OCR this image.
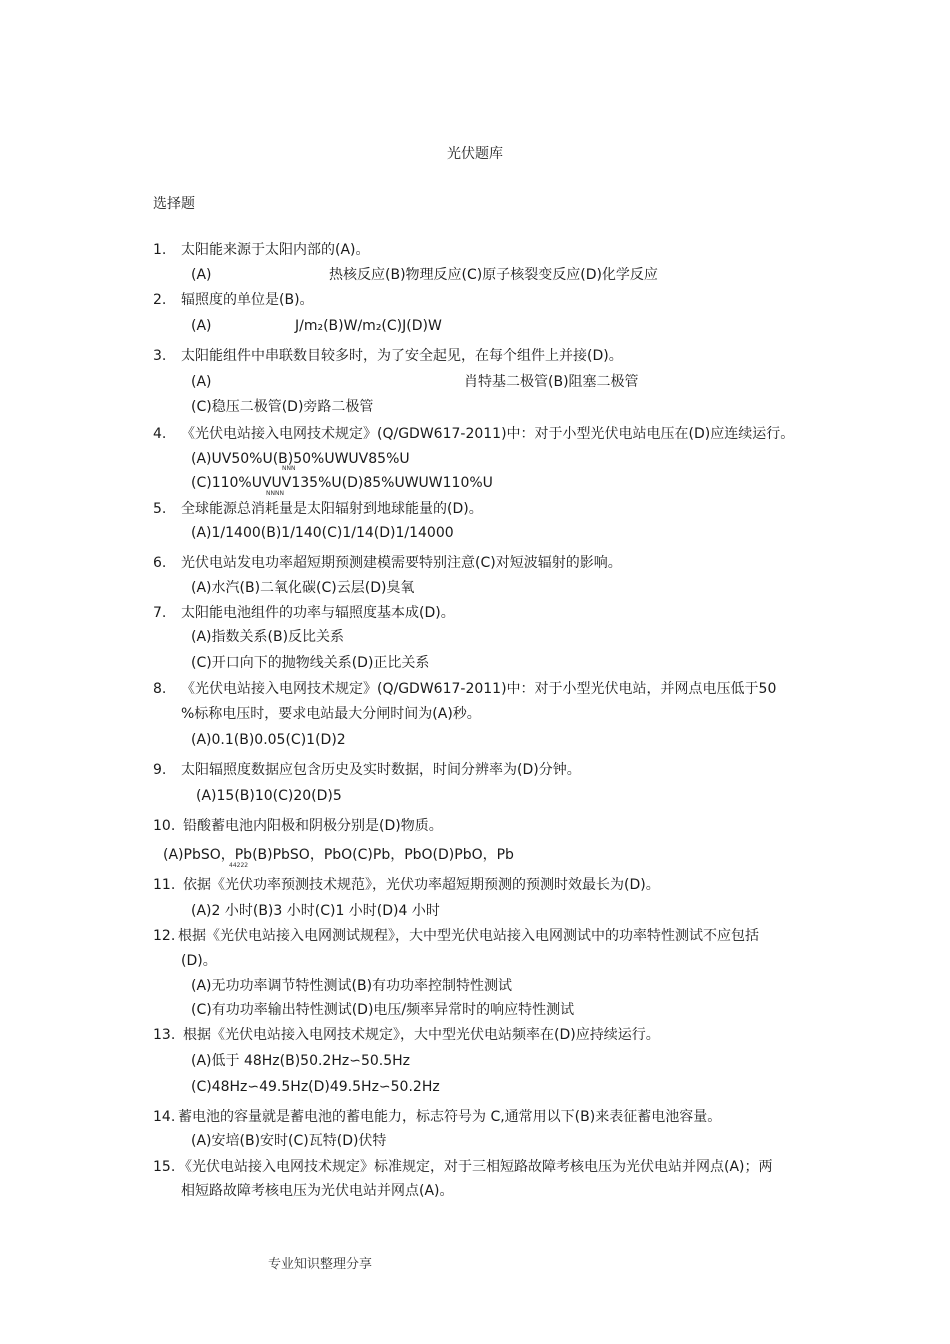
光伏题库
选择题
1. 太阳能来源于太阳内部的(A)。
(A)	热核反应(B)物理反应(C)原子核裂变反应(D)化学反应
2. 辐照度的单位是(B)。
(A)	J/m₂(B)W/m₂(C)J(D)W
3. 太阳能组件中串联数目较多时，为了安全起见，在每个组件上并接(D)。
(A)	肖特基二极管(B)阻塞二极管
(C)稳压二极管(D)旁路二极管
4. 《光伏电站接入电网技术规定》(Q/GDW617-2011)中：对于小型光伏电站电压在(D)应连续运行。
(A)UV50%U(B)50%UWUV85%U
NNN
(C)110%UVUV135%U(D)85%UWUW110%U
NNNN
5. 全球能源总消耗量是太阳辐射到地球能量的(D)。
(A)1/1400(B)1/140(C)1/14(D)1/14000
6. 光伏电站发电功率超短期预测建模需要特别注意(C)对短波辐射的影响。
(A)水汽(B)二氧化碳(C)云层(D)臭氧
7. 太阳能电池组件的功率与辐照度基本成(D)。
(A)指数关系(B)反比关系
(C)开口向下的抛物线关系(D)正比关系
8. 《光伏电站接入电网技术规定》(Q/GDW617-2011)中：对于小型光伏电站，并网点电压低于50
%标称电压时，要求电站最大分闸时间为(A)秒。
(A)0.1(B)0.05(C)1(D)2
9. 太阳辐照度数据应包含历史及实时数据，时间分辨率为(D)分钟。
(A)15(B)10(C)20(D)5
10. 铅酸蓄电池内阳极和阴极分别是(D)物质。
(A)PbSO，Pb(B)PbSO，PbO(C)Pb，PbO(D)PbO，Pb
44222
11. 依据《光伏功率预测技术规范》，光伏功率超短期预测的预测时效最长为(D)。
(A)2 小时(B)3 小时(C)1 小时(D)4 小时
12. 根据《光伏电站接入电网测试规程》，大中型光伏电站接入电网测试中的功率特性测试不应包括
(D)。
(A)无功功率调节特性测试(B)有功功率控制特性测试
(C)有功功率输出特性测试(D)电压/频率异常时的响应特性测试
13. 根据《光伏电站接入电网技术规定》，大中型光伏电站频率在(D)应持续运行。
(A)低于 48Hz(B)50.2Hz∽50.5Hz
(C)48Hz∽49.5Hz(D)49.5Hz∽50.2Hz
14. 蓄电池的容量就是蓄电池的蓄电能力，标志符号为 C,通常用以下(B)来表征蓄电池容量。
(A)安培(B)安时(C)瓦特(D)伏特
15. 《光伏电站接入电网技术规定》标准规定，对于三相短路故障考核电压为光伏电站并网点(A)；两
相短路故障考核电压为光伏电站并网点(A)。
专业知识整理分享
